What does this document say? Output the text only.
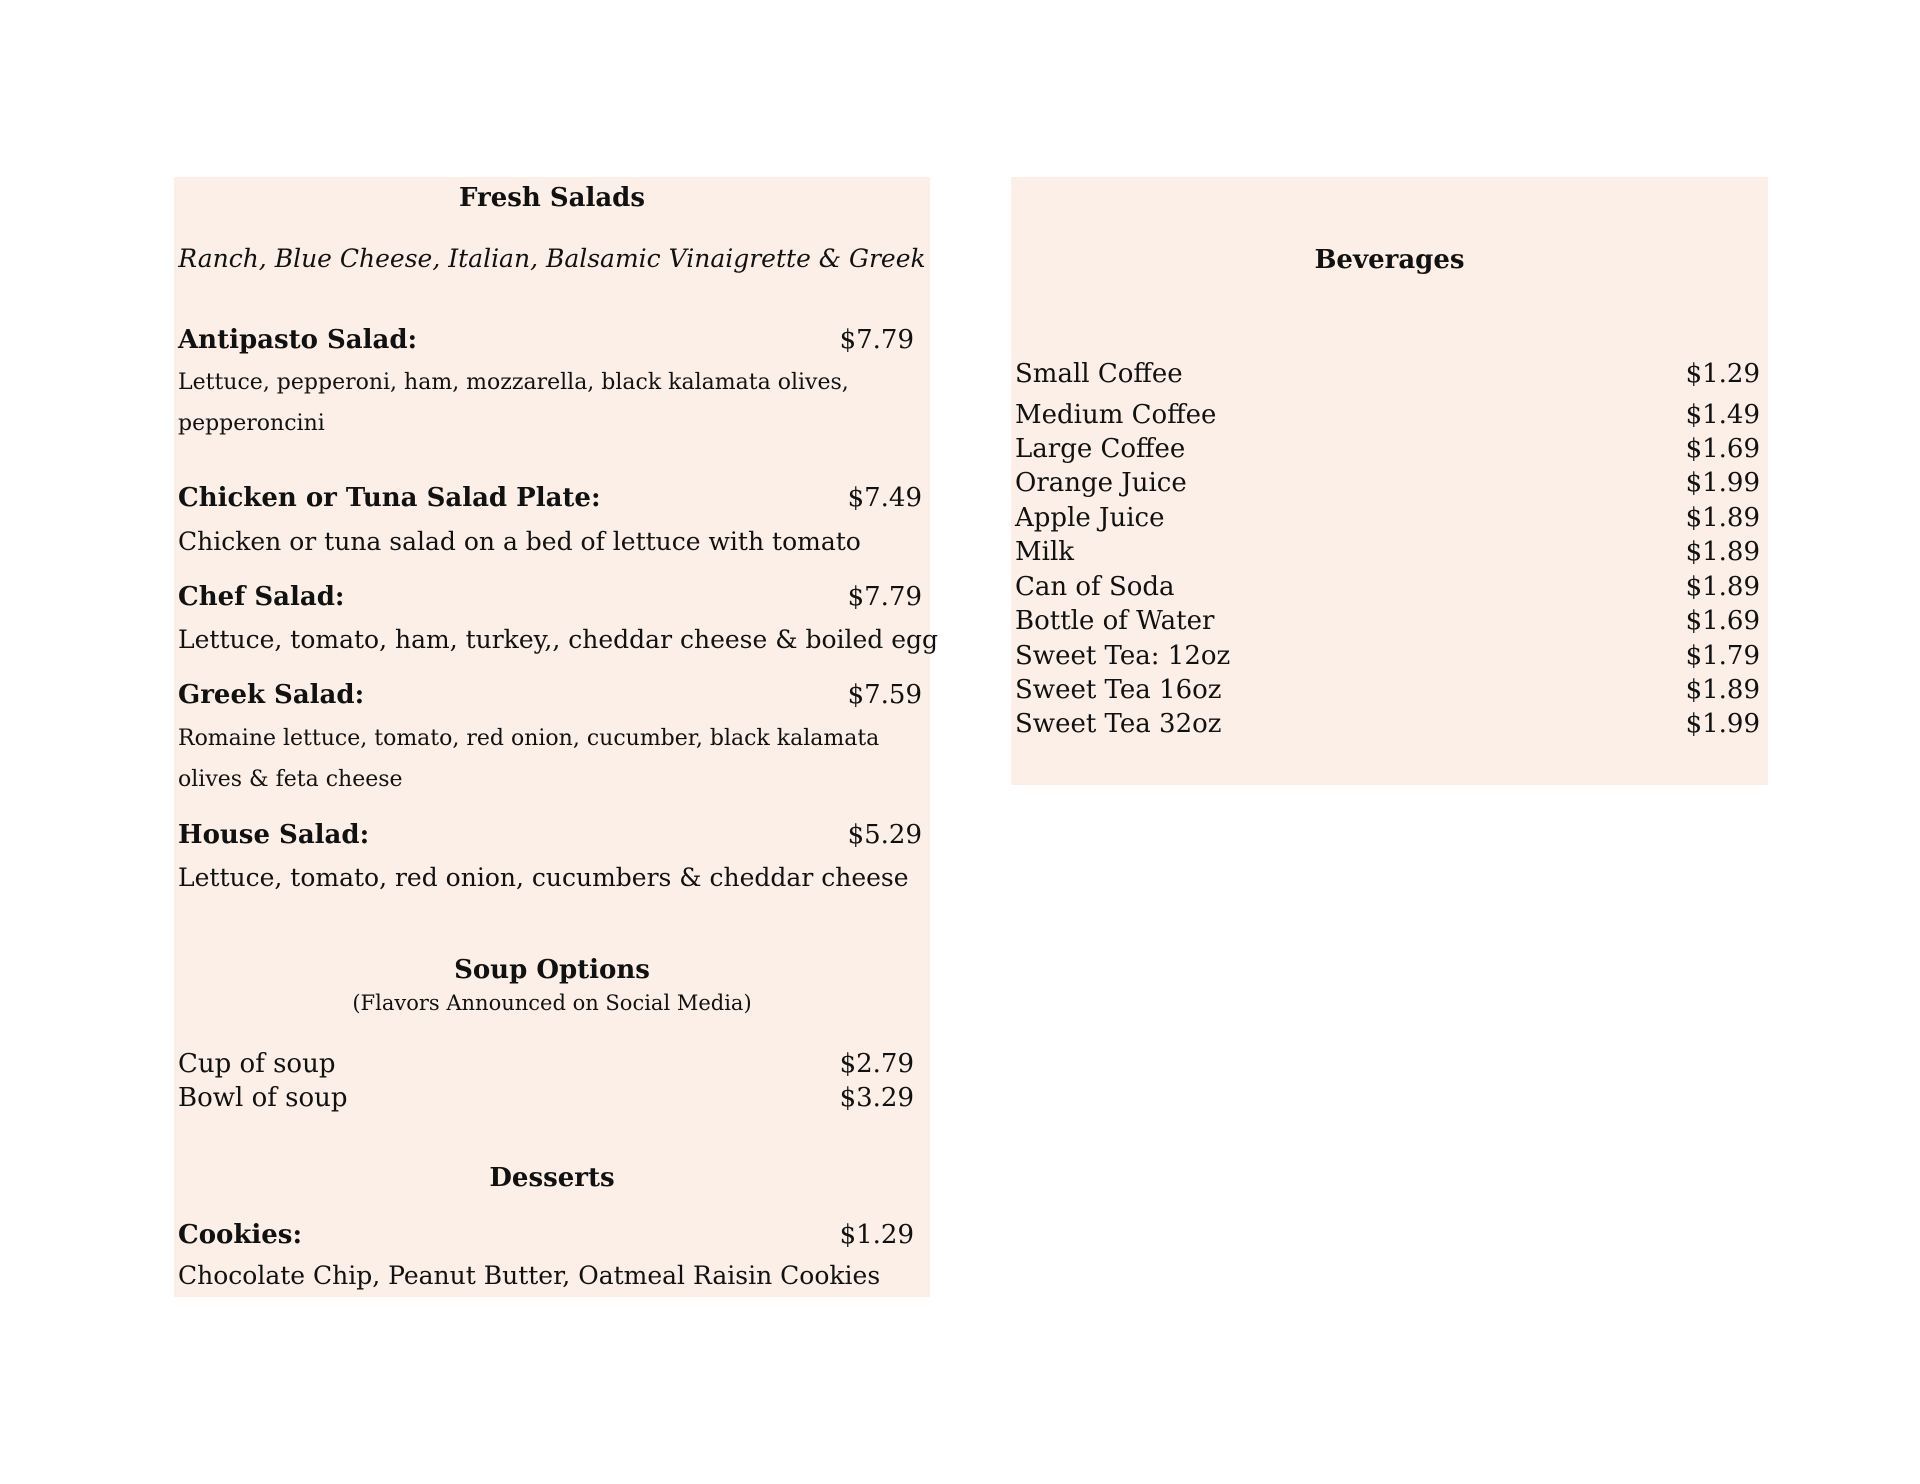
Fresh Salads
Ranch, Blue Cheese, Italian, Balsamic Vinaigrette & Greek
Antipasto Salad:	$7.79
Lettuce, pepperoni, ham, mozzarella, black kalamata olives, pepperoncini
Chicken or Tuna Salad Plate:	$7.49
Chicken or tuna salad on a bed of lettuce with tomato
Chef Salad:	$7.79
Lettuce, tomato, ham, turkey,, cheddar cheese & boiled egg
Greek Salad:	$7.59
Romaine lettuce, tomato, red onion, cucumber, black kalamata olives & feta cheese
House Salad:	$5.29
Lettuce, tomato, red onion, cucumbers & cheddar cheese
Soup Options
(Flavors Announced on Social Media)
Cup of soup	$2.79
Bowl of soup	$3.29
Desserts
Cookies:	$1.29
Chocolate Chip, Peanut Butter, Oatmeal Raisin Cookies
Beverages
Small Coffee	$1.29
Medium Coffee	$1.49
Large Coffee	$1.69
Orange Juice	$1.99
Apple Juice	$1.89
Milk	$1.89
Can of Soda	$1.89
Bottle of Water	$1.69
Sweet Tea: 12oz	$1.79
Sweet Tea 16oz	$1.89
Sweet Tea 32oz	$1.99
